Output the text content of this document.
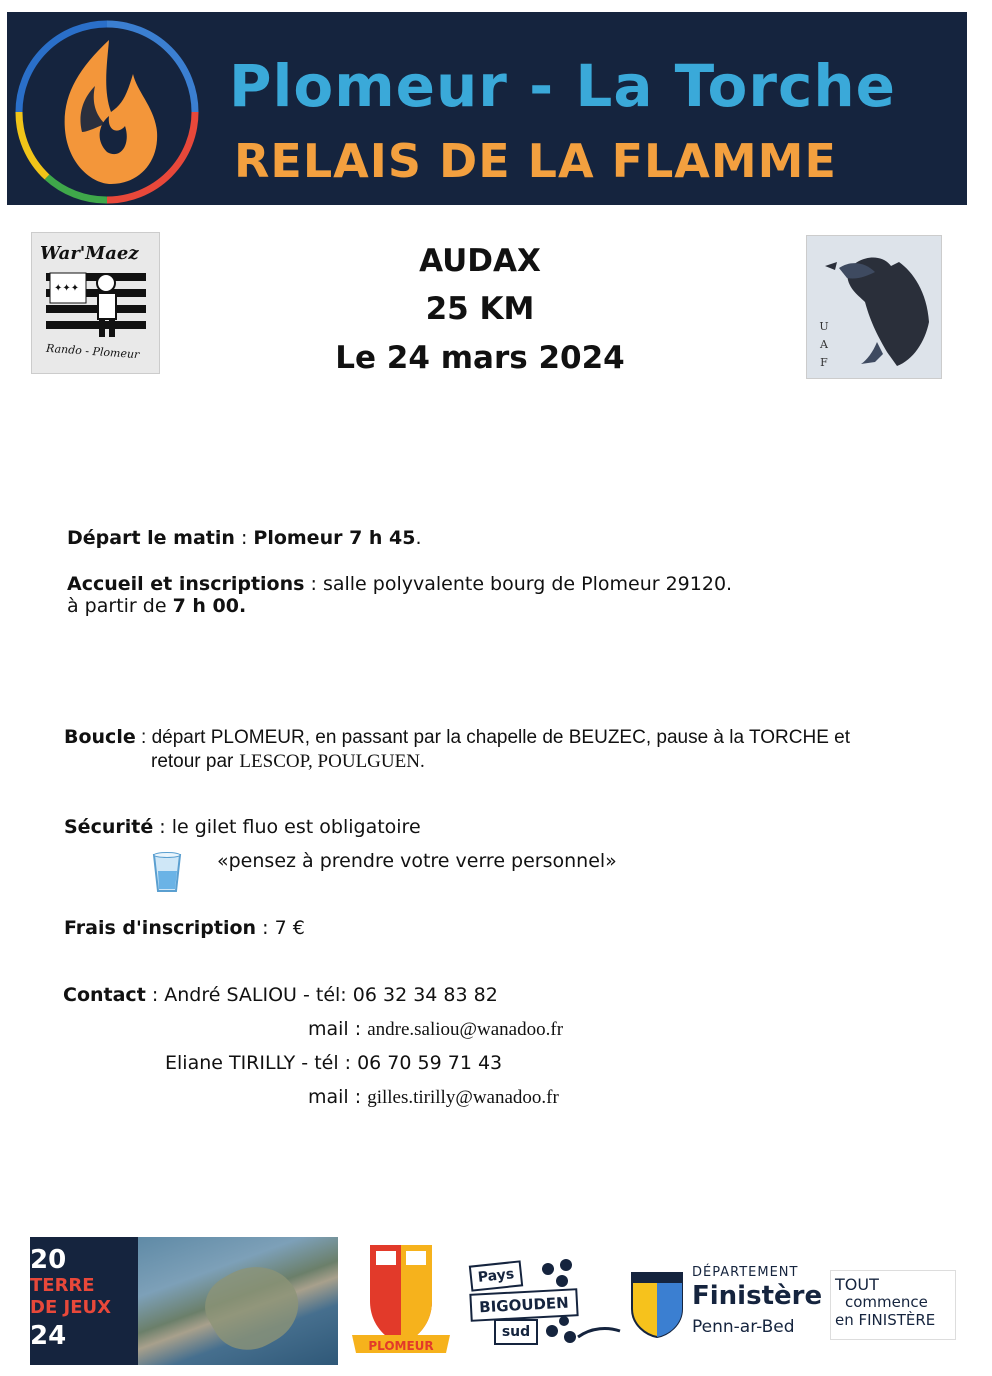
Plomeur - La Torche
RELAIS DE LA FLAMME
War'Maez
✦✦✦
Rando - Plomeur
AUDAX
25 KM
Le 24 mars 2024
U
A
F
Départ le matin : Plomeur 7 h 45.
Accueil et inscriptions : salle polyvalente bourg de Plomeur 29120.
à partir de 7 h 00.
Boucle : départ PLOMEUR, en passant par la chapelle de BEUZEC, pause à la TORCHE et
retour par LESCOP, POULGUEN.
Sécurité : le gilet fluo est obligatoire
«pensez à prendre votre verre personnel»
Frais d'inscription : 7 €
Contact : André SALIOU - tél: 06 32 34 83 82
mail : andre.saliou@wanadoo.fr
Eliane TIRILLY - tél : 06 70 59 71 43
mail : gilles.tirilly@wanadoo.fr
20
TERRE
DE JEUX
24	PLOMEUR
Pays
BIGOUDEN
sud
DÉPARTEMENT
Finistère
Penn-ar-Bed
TOUT
commence
en FINISTÈRE
